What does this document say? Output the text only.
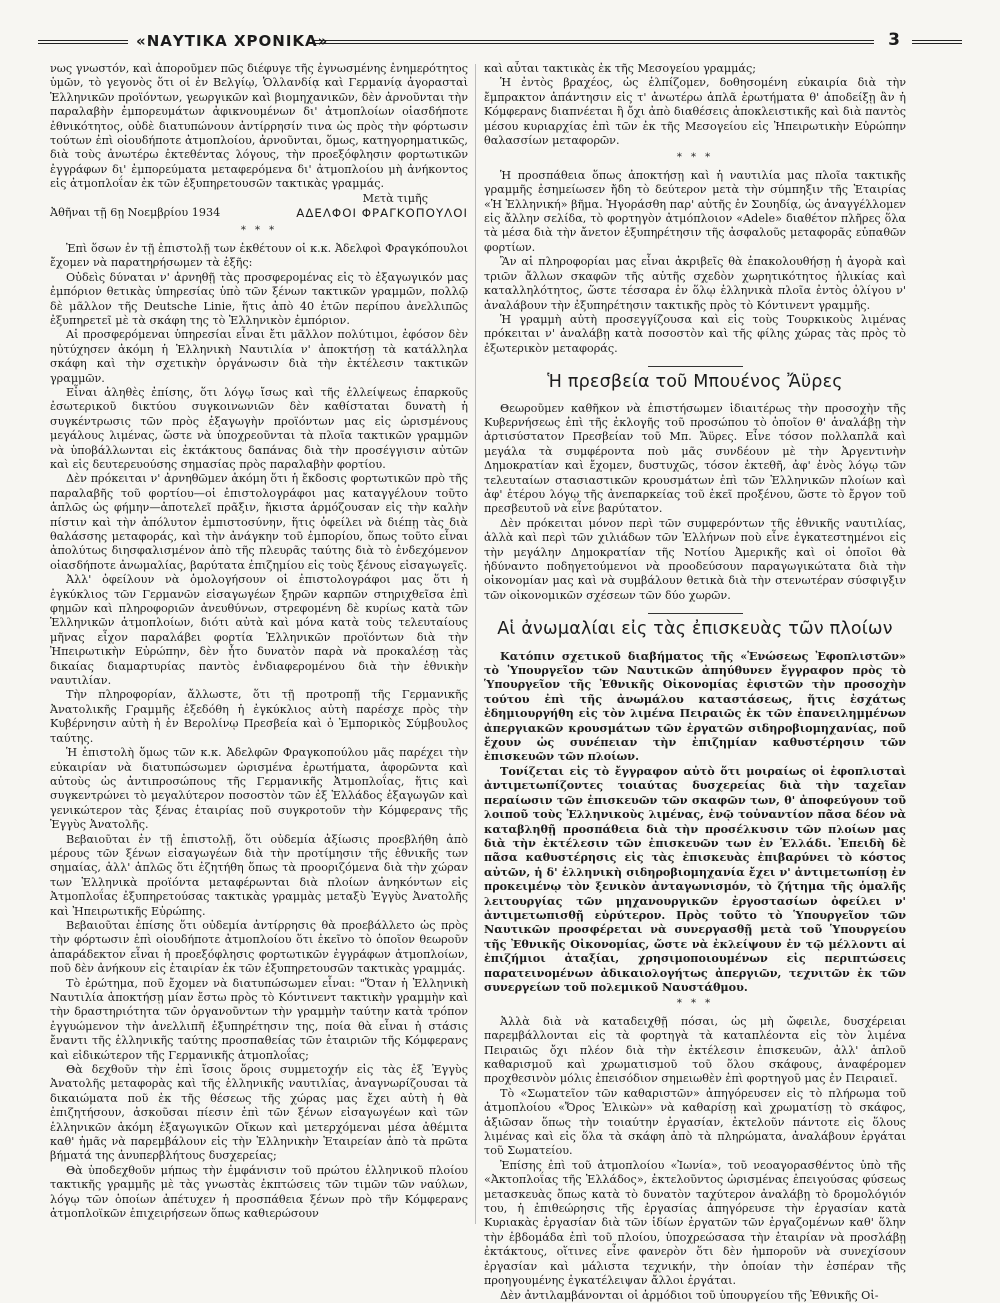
«ΝΑΥΤΙΚΑ ΧΡΟΝΙΚΑ»	3

νως γνωστόν, καὶ ἀποροῦμεν πῶς διέφυγε τῆς ἐγνωσμένης ἐνημερότητος ὑμῶν, τὸ γεγονὸς ὅτι οἱ ἐν Βελγίῳ, Ὁλλανδίᾳ καὶ Γερμανίᾳ ἀγορασταὶ Ἑλληνικῶν προϊόντων, γεωργικῶν καὶ βιομηχανικῶν, δὲν ἀρνοῦνται τὴν παραλαβὴν ἐμπορευμάτων ἀφικνουμένων δι' ἀτμοπλοίων οἱασδήποτε ἐθνικότητος, οὐδὲ διατυπώνουν ἀντίρρησίν τινα ὡς πρὸς τὴν φόρτωσιν τούτων ἐπὶ οἱουδήποτε ἀτμοπλοίου, ἀρνοῦνται, ὅμως, κατηγορηματικῶς, διὰ τοὺς ἀνωτέρω ἐκτεθέντας λόγους, τὴν προεξόφλησιν φορτωτικῶν ἐγγράφων δι' ἐμπορεύματα μεταφερόμενα δι' ἀτμοπλοίου μὴ ἀνήκοντος εἰς ἀτμοπλοΐαν ἐκ τῶν ἐξυπηρετουσῶν τακτικὰς γραμμάς.

Μετὰ τιμῆς

Ἀθῆναι τῇ 6ῃ Νοεμβρίου 1934	ΑΔΕΛΦΟΙ ΦΡΑΓΚΟΠΟΥΛΟΙ
* * *

Ἐπὶ ὅσων ἐν τῇ ἐπιστολῇ των ἐκθέτουν οἱ κ.κ. Ἀδελφοὶ Φραγκόπουλοι ἔχομεν νὰ παρατηρήσωμεν τὰ ἑξῆς:

Οὐδεὶς δύναται ν' ἀρνηθῇ τὰς προσφερομένας εἰς τὸ ἐξαγωγικόν μας ἐμπόριον θετικὰς ὑπηρεσίας ὑπὸ τῶν ξένων τακτικῶν γραμμῶν, πολλῷ δὲ μᾶλλον τῆς Deutsche Linie, ἥτις ἀπὸ 40 ἐτῶν περίπου ἀνελλιπῶς ἐξυπηρετεῖ μὲ τὰ σκάφη της τὸ Ἑλληνικὸν ἐμπόριον.

Αἱ προσφερόμεναι ὑπηρεσίαι εἶναι ἔτι μᾶλλον πολύτιμοι, ἐφόσον δὲν ηὐτύχησεν ἀκόμη ἡ Ἑλληνικὴ Ναυτιλία ν' ἀποκτήσῃ τὰ κατάλληλα σκάφη καὶ τὴν σχετικὴν ὀργάνωσιν διὰ τὴν ἐκτέλεσιν τακτικῶν γραμμῶν.

Εἶναι ἀληθὲς ἐπίσης, ὅτι λόγῳ ἴσως καὶ τῆς ἐλλείψεως ἐπαρκοῦς ἐσωτερικοῦ δικτύου συγκοινωνιῶν δὲν καθίσταται δυνατὴ ἡ συγκέντρωσις τῶν πρὸς ἐξαγωγὴν προϊόντων μας εἰς ὡρισμένους μεγάλους λιμένας, ὥστε νὰ ὑποχρεοῦνται τὰ πλοῖα τακτικῶν γραμμῶν νὰ ὑποβάλλωνται εἰς ἐκτάκτους δαπάνας διὰ τὴν προσέγγισιν αὐτῶν καὶ εἰς δευτερευούσης σημασίας πρὸς παραλαβὴν φορτίου.

Δὲν πρόκειται ν' ἀρνηθῶμεν ἀκόμη ὅτι ἡ ἔκδοσις φορτωτικῶν πρὸ τῆς παραλαβῆς τοῦ φορτίου—οἱ ἐπιστολογράφοι μας καταγγέλουν τοῦτο ἁπλῶς ὡς φήμην—ἀποτελεῖ πρᾶξιν, ἥκιστα ἁρμόζουσαν εἰς τὴν καλὴν πίστιν καὶ τὴν ἀπόλυτον ἐμπιστοσύνην, ἥτις ὀφείλει νὰ διέπῃ τὰς διὰ θαλάσσης μεταφοράς, καὶ τὴν ἀνάγκην τοῦ ἐμπορίου, ὅπως τοῦτο εἶναι ἀπολύτως διησφαλισμένον ἀπὸ τῆς πλευρᾶς ταύτης διὰ τὸ ἐνδεχόμενον οἱασδήποτε ἀνωμαλίας, βαρύτατα ἐπιζημίου εἰς τοὺς ξένους εἰσαγωγεῖς.

Ἀλλ' ὀφείλουν νὰ ὁμολογήσουν οἱ ἐπιστολογράφοι μας ὅτι ἡ ἐγκύκλιος τῶν Γερμανῶν εἰσαγωγέων ξηρῶν καρπῶν στηριχθεῖσα ἐπὶ φημῶν καὶ πληροφοριῶν ἀνευθύνων, στρεφομένη δὲ κυρίως κατὰ τῶν Ἑλληνικῶν ἀτμοπλοίων, διότι αὐτὰ καὶ μόνα κατὰ τοὺς τελευταίους μῆνας εἶχον παραλάβει φορτία Ἑλληνικῶν προϊόντων διὰ τὴν Ἠπειρωτικὴν Εὐρώπην, δὲν ἦτο δυνατὸν παρὰ νὰ προκαλέσῃ τὰς δικαίας διαμαρτυρίας παντὸς ἐνδιαφερομένου διὰ τὴν ἐθνικὴν ναυτιλίαν.

Τὴν πληροφορίαν, ἄλλωστε, ὅτι τῇ προτροπῇ τῆς Γερμανικῆς Ἀνατολικῆς Γραμμῆς ἐξεδόθη ἡ ἐγκύκλιος αὐτὴ παρέσχε πρὸς τὴν Κυβέρνησιν αὐτὴ ἡ ἐν Βερολίνῳ Πρεσβεία καὶ ὁ Ἐμπορικὸς Σύμβουλος ταύτης.

Ἡ ἐπιστολὴ ὅμως τῶν κ.κ. Ἀδελφῶν Φραγκοπούλου μᾶς παρέχει τὴν εὐκαιρίαν νὰ διατυπώσωμεν ὡρισμένα ἐρωτήματα, ἀφορῶντα καὶ αὐτοὺς ὡς ἀντιπροσώπους τῆς Γερμανικῆς Ἀτμοπλοΐας, ἥτις καὶ συγκεντρώνει τὸ μεγαλύτερον ποσοστὸν τῶν ἐξ Ἑλλάδος ἐξαγωγῶν καὶ γενικώτερον τὰς ξένας ἑταιρίας ποῦ συγκροτοῦν τὴν Κόμφερανς τῆς Ἐγγὺς Ἀνατολῆς.

Βεβαιοῦται ἐν τῇ ἐπιστολῇ, ὅτι οὐδεμία ἀξίωσις προεβλήθη ἀπὸ μέρους τῶν ξένων εἰσαγωγέων διὰ τὴν προτίμησιν τῆς ἐθνικῆς των σημαίας, ἀλλ' ἁπλῶς ὅτι ἐζητήθη ὅπως τὰ προοριζόμενα διὰ τὴν χώραν των Ἑλληνικὰ προϊόντα μεταφέρωνται διὰ πλοίων ἀνηκόντων εἰς Ἀτμοπλοΐας ἐξυπηρετούσας τακτικὰς γραμμὰς μεταξὺ Ἐγγὺς Ἀνατολῆς καὶ Ἠπειρωτικῆς Εὐρώπης.

Βεβαιοῦται ἐπίσης ὅτι οὐδεμία ἀντίρρησις θὰ προεβάλλετο ὡς πρὸς τὴν φόρτωσιν ἐπὶ οἱουδήποτε ἀτμοπλοίου ὅτι ἐκεῖνο τὸ ὁποῖον θεωροῦν ἀπαράδεκτον εἶναι ἡ προεξόφλησις φορτωτικῶν ἐγγράφων ἀτμοπλοίων, ποῦ δὲν ἀνήκουν εἰς ἑταιρίαν ἐκ τῶν ἐξυπηρετουσῶν τακτικὰς γραμμάς.

Τὸ ἐρώτημα, ποῦ ἔχομεν νὰ διατυπώσωμεν εἶναι: "Ὅταν ἡ Ἑλληνικὴ Ναυτιλία ἀποκτήσῃ μίαν ἔστω πρὸς τὸ Κόντινεντ τακτικὴν γραμμὴν καὶ τὴν δραστηριότητα τῶν ὀργανοῦντων τὴν γραμμὴν ταύτην κατὰ τρόπον ἐγγυώμενον τὴν ἀνελλιπῆ ἐξυπηρέτησιν της, ποία θὰ εἶναι ἡ στάσις ἔναντι τῆς ἑλληνικῆς ταύτης προσπαθείας τῶν ἑταιριῶν τῆς Κόμφερανς καὶ εἰδικώτερον τῆς Γερμανικῆς ἀτμοπλοΐας;

Θὰ δεχθοῦν τὴν ἐπὶ ἴσοις ὅροις συμμετοχήν εἰς τὰς ἐξ Ἐγγὺς Ἀνατολῆς μεταφορὰς καὶ τῆς ἑλληνικῆς ναυτιλίας, ἀναγνωρίζουσαι τὰ δικαιώματα ποῦ ἐκ τῆς θέσεως τῆς χώρας μας ἔχει αὐτὴ ἡ θὰ ἐπιζητήσουν, ἀσκοῦσαι πίεσιν ἐπὶ τῶν ξένων εἰσαγωγέων καὶ τῶν ἑλληνικῶν ἀκόμη ἐξαγωγικῶν Οἴκων καὶ μετερχόμεναι μέσα ἀθέμιτα καθ' ἡμᾶς νὰ παρεμβάλουν εἰς τὴν Ἑλληνικὴν Ἑταιρείαν ἀπὸ τὰ πρῶτα βήματά της ἀνυπερβλήτους δυσχερείας;

Θὰ ὑποδεχθοῦν μήπως τὴν ἐμφάνισιν τοῦ πρώτου ἑλληνικοῦ πλοίου τακτικῆς γραμμῆς μὲ τὰς γνωστὰς ἐκπτώσεις τῶν τιμῶν τῶν ναύλων, λόγῳ τῶν ὁποίων ἀπέτυχεν ἡ προσπάθεια ξένων πρὸ τῆν Κόμφερανς ἀτμοπλοϊκῶν ἐπιχειρήσεων ὅπως καθιερώσουν

καὶ αὗται τακτικὰς ἐκ τῆς Μεσογείου γραμμάς;

Ἡ ἐντὸς βραχέος, ὡς ἐλπίζομεν, δοθησομένη εὐκαιρία διὰ τὴν ἔμπρακτον ἀπάντησιν εἰς τ' ἀνωτέρω ἁπλᾶ ἐρωτήματα θ' ἀποδείξῃ ἂν ἡ Κόμφερανς διαπνέεται ἢ ὄχι ἀπὸ διαθέσεις ἀποκλειστικῆς καὶ διὰ παντὸς μέσου κυριαρχίας ἐπὶ τῶν ἐκ τῆς Μεσογείου εἰς Ἠπειρωτικὴν Εὐρώπην θαλασσίων μεταφορῶν.

* * *

Ἡ προσπάθεια ὅπως ἀποκτήσῃ καὶ ἡ ναυτιλία μας πλοῖα τακτικῆς γραμμῆς ἐσημείωσεν ἤδη τὸ δεύτερον μετὰ τὴν σύμπηξιν τῆς Ἑταιρίας «Ἡ Ἑλληνική» βῆμα. Ἠγοράσθη παρ' αὐτῆς ἐν Σουηδίᾳ, ὡς ἀναγγέλλομεν εἰς ἄλλην σελίδα, τὸ φορτηγὸν ἀτμόπλοιον «Adele» διαθέτον πλῆρες ὅλα τὰ μέσα διὰ τὴν ἄνετον ἐξυπηρέτησιν τῆς ἀσφαλοῦς μεταφορᾶς εὐπαθῶν φορτίων.

Ἂν αἱ πληροφορίαι μας εἶναι ἀκριβεῖς θὰ ἐπακολουθήσῃ ἡ ἀγορὰ καὶ τριῶν ἄλλων σκαφῶν τῆς αὐτῆς σχεδὸν χωρητικότητος ἡλικίας καὶ καταλληλότητος, ὥστε τέσσαρα ἐν ὅλῳ ἑλληνικὰ πλοῖα ἐντὸς ὀλίγου ν' ἀναλάβουν τὴν ἐξυπηρέτησιν τακτικῆς πρὸς τὸ Κόντινεντ γραμμῆς.

Ἡ γραμμὴ αὐτὴ προσεγγίζουσα καὶ εἰς τοὺς Τουρκικοὺς λιμένας πρόκειται ν' ἀναλάβῃ κατὰ ποσοστὸν καὶ τῆς φίλης χώρας τὰς πρὸς τὸ ἐξωτερικὸν μεταφοράς.

Ἡ πρεσβεία τοῦ Μπουένος Ἄϋρες

Θεωροῦμεν καθῆκον νὰ ἐπιστήσωμεν ἰδιαιτέρως τὴν προσοχὴν τῆς Κυβερνήσεως ἐπὶ τῆς ἐκλογῆς τοῦ προσώπου τὸ ὁποῖον θ' ἀναλάβῃ τὴν ἀρτισύστατον Πρεσβείαν τοῦ Μπ. Ἄϋρες. Εἶνε τόσον πολλαπλᾶ καὶ μεγάλα τὰ συμφέροντα ποὺ μᾶς συνδέουν μὲ τὴν Ἀργεντινὴν Δημοκρατίαν καὶ ἔχομεν, δυστυχῶς, τόσον ἐκτεθῆ, ἀφ' ἑνὸς λόγῳ τῶν τελευταίων στασιαστικῶν κρουσμάτων ἐπὶ τῶν Ἑλληνικῶν πλοίων καὶ ἀφ' ἑτέρου λόγῳ τῆς ἀνεπαρκείας τοῦ ἐκεῖ προξένου, ὥστε τὸ ἔργον τοῦ πρεσβευτοῦ νὰ εἶνε βαρύτατον.

Δὲν πρόκειται μόνον περὶ τῶν συμφερόντων τῆς ἐθνικῆς ναυτιλίας, ἀλλὰ καὶ περὶ τῶν χιλιάδων τῶν Ἑλλήνων ποὺ εἶνε ἐγκατεστημένοι εἰς τὴν μεγάλην Δημοκρατίαν τῆς Νοτίου Ἀμερικῆς καὶ οἱ ὁποῖοι θὰ ἠδύναντο ποδηγετούμενοι νὰ προοδεύσουν παραγωγικώτατα διὰ τὴν οἰκονομίαν μας καὶ νὰ συμβάλουν θετικὰ διὰ τὴν στενωτέραν σύσφιγξιν τῶν οἰκονομικῶν σχέσεων τῶν δύο χωρῶν.

Αἱ ἀνωμαλίαι εἰς τὰς ἐπισκευὰς τῶν πλοίων

Κατόπιν σχετικοῦ διαβήματος τῆς «Ἑνώσεως Ἐφοπλιστῶν» τὸ Ὑπουργεῖον τῶν Ναυτικῶν ἀπηύθυνεν ἔγγραφον πρὸς τὸ Ὑπουργεῖον τῆς Ἐθνικῆς Οἰκονομίας ἐφιστῶν τὴν προσοχὴν τούτου ἐπὶ τῆς ἀνωμάλου καταστάσεως, ἥτις ἐσχάτως ἐδημιουργήθη εἰς τὸν λιμένα Πειραιῶς ἐκ τῶν ἐπανειλημμένων ἀπεργιακῶν κρουσμάτων τῶν ἐργατῶν σιδηροβιομηχανίας, ποῦ ἔχουν ὡς συνέπειαν τὴν ἐπιζημίαν καθυστέρησιν τῶν ἐπισκευῶν τῶν πλοίων.

Τονίζεται εἰς τὸ ἔγγραφον αὐτὸ ὅτι μοιραίως οἱ ἐφοπλισταὶ ἀντιμετωπίζοντες τοιαύτας δυσχερείας διὰ τὴν ταχεῖαν περαίωσιν τῶν ἐπισκευῶν τῶν σκαφῶν των, θ' ἀποφεύγουν τοῦ λοιποῦ τοὺς Ἑλληνικοὺς λιμένας, ἐνῷ τοὐναντίον πᾶσα δέον νὰ καταβληθῇ προσπάθεια διὰ τὴν προσέλκυσιν τῶν πλοίων μας διὰ τὴν ἐκτέλεσιν τῶν ἐπισκευῶν των ἐν Ἑλλάδι. Ἐπειδὴ δὲ πᾶσα καθυστέρησις εἰς τὰς ἐπισκευὰς ἐπιβαρύνει τὸ κόστος αὐτῶν, ἡ δ' ἑλληνικὴ σιδηροβιομηχανία ἔχει ν' ἀντιμετωπίσῃ ἐν προκειμένῳ τὸν ξενικὸν ἀνταγωνισμόν, τὸ ζήτημα τῆς ὁμαλῆς λειτουργίας τῶν μηχανουργικῶν ἐργοστασίων ὀφείλει ν' ἀντιμετωπισθῇ εὐρύτερον. Πρὸς τοῦτο τὸ Ὑπουργεῖον τῶν Ναυτικῶν προσφέρεται νὰ συνεργασθῇ μετὰ τοῦ Ὑπουργείου τῆς Ἐθνικῆς Οἰκονομίας, ὥστε νὰ ἐκλείψουν ἐν τῷ μέλλοντι αἱ ἐπιζήμιοι ἀταξίαι, χρησιμοποιουμένων εἰς περιπτώσεις παρατεινομένων ἀδικαιολογήτως ἀπεργιῶν, τεχνιτῶν ἐκ τῶν συνεργείων τοῦ πολεμικοῦ Ναυστάθμου.

* * *

Ἀλλὰ διὰ νὰ καταδειχθῇ πόσαι, ὡς μὴ ὤφειλε, δυσχέρειαι παρεμβάλλονται εἰς τὰ φορτηγὰ τὰ καταπλέοντα εἰς τὸν λιμένα Πειραιῶς ὄχι πλέον διὰ τὴν ἐκτέλεσιν ἐπισκευῶν, ἀλλ' ἁπλοῦ καθαρισμοῦ καὶ χρωματισμοῦ τοῦ ὅλου σκάφους, ἀναφέρομεν προχθεσινὸν μόλις ἐπεισόδιον σημειωθὲν ἐπὶ φορτηγοῦ μας ἐν Πειραιεῖ.

Τὸ «Σωματεῖον τῶν καθαριστῶν» ἀπηγόρευσεν εἰς τὸ πλήρωμα τοῦ ἀτμοπλοίου «Ὄρος Ἑλικὼν» νὰ καθαρίσῃ καὶ χρωματίσῃ τὸ σκάφος, ἀξιῶσαν ὅπως τὴν τοιαύτην ἐργασίαν, ἐκτελοῦν πάντοτε εἰς ὅλους λιμένας καὶ εἰς ὅλα τὰ σκάφη ἀπὸ τὰ πληρώματα, ἀναλάβουν ἐργάται τοῦ Σωματείου.

Ἐπίσης ἐπὶ τοῦ ἀτμοπλοίου «Ἰωνία», τοῦ νεοαγορασθέντος ὑπὸ τῆς «Ἀκτοπλοΐας τῆς Ἑλλάδος», ἐκτελοῦντος ὡρισμένας ἐπειγούσας φύσεως μετασκευὰς ὅπως κατὰ τὸ δυνατὸν ταχύτερον ἀναλάβῃ τὸ δρομολόγιόν του, ἡ ἐπιθεώρησις τῆς ἐργασίας ἀπηγόρευσε τὴν ἐργασίαν κατὰ Κυριακὰς ἐργασίαν διὰ τῶν ἰδίων ἐργατῶν τῶν ἐργαζομένων καθ' ὅλην τὴν ἑβδομάδα ἐπὶ τοῦ πλοίου, ὑποχρεώσασα τὴν ἑταιρίαν νὰ προσλάβῃ ἐκτάκτους, οἵτινες εἶνε φανερὸν ὅτι δὲν ἠμποροῦν νὰ συνεχίσουν ἐργασίαν καὶ μάλιστα τεχνικήν, τὴν ὁποίαν τὴν ἐσπέραν τῆς προηγουμένης ἐγκατέλειψαν ἄλλοι ἐργάται.

Δὲν ἀντιλαμβάνονται οἱ ἁρμόδιοι τοῦ ὑπουργείου τῆς Ἐθνικῆς Οἰ-
